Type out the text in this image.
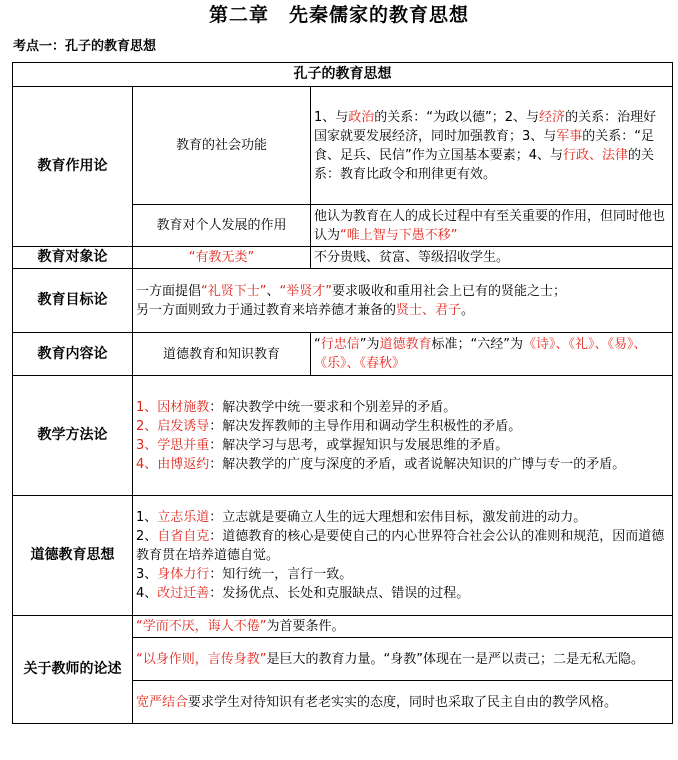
第二章　先秦儒家的教育思想
考点一：孔子的教育思想
孔子的教育思想		
教育作用论	教育的社会功能	1、与政治的关系：“为政以德”；2、与经济的关系：治理好国家就要发展经济，同时加强教育；3、与军事的关系：“足食、足兵、民信”作为立国基本要素；4、与行政、法律的关系：教育比政令和刑律更有效。
	教育对个人发展的作用	他认为教育在人的成长过程中有至关重要的作用，但同时他也认为“唯上智与下愚不移”
教育对象论	“有教无类”	不分贵贱、贫富、等级招收学生。
教育目标论	一方面提倡“礼贤下士”、“举贤才”要求吸收和重用社会上已有的贤能之士；
另一方面则致力于通过教育来培养德才兼备的贤士、君子。	
教育内容论	道德教育和知识教育	“行忠信”为道德教育标准；“六经”为《诗》、《礼》、《易》、《乐》、《春秋》
教学方法论	1、因材施教：解决教学中统一要求和个别差异的矛盾。
2、启发诱导：解决发挥教师的主导作用和调动学生积极性的矛盾。
3、学思并重：解决学习与思考，或掌握知识与发展思维的矛盾。
4、由博返约：解决教学的广度与深度的矛盾，或者说解决知识的广博与专一的矛盾。	

道德教育思想	1、立志乐道：立志就是要确立人生的远大理想和宏伟目标，激发前进的动力。
2、自省自克：道德教育的核心是要使自己的内心世界符合社会公认的准则和规范，因而道德教育贯在培养道德自觉。
3、身体力行：知行统一，言行一致。
4、改过迁善：发扬优点、长处和克服缺点、错误的过程。	

关于教师的论述	“学而不厌，诲人不倦”为首要条件。	
	“以身作则，言传身教”是巨大的教育力量。“身教”体现在一是严以责己；二是无私无隐。	
	宽严结合要求学生对待知识有老老实实的态度，同时也采取了民主自由的教学风格。	
